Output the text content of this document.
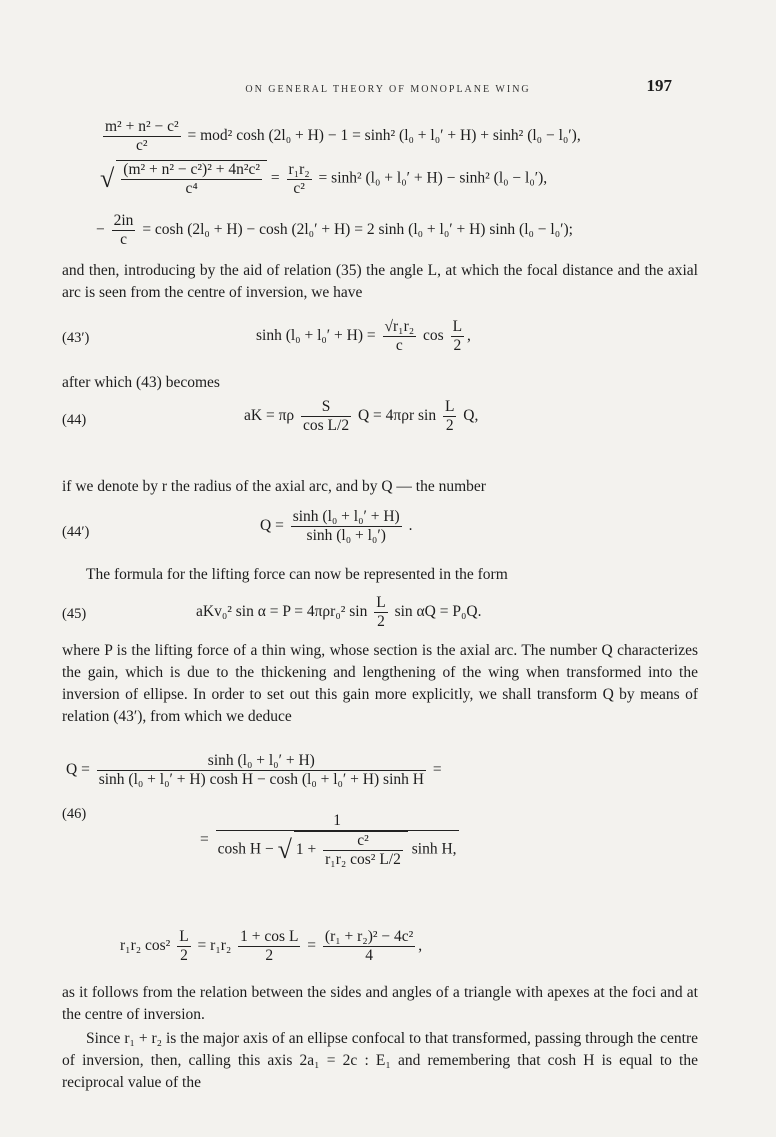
ON GENERAL THEORY OF MONOPLANE WING	197
$\frac{\text{m² + n² − c²}}{\text{c²}} = mod^2$ cosh (2l₀ + H) − 1 = sinh² (l₀ + l₀′ + H) + sinh² (l₀ − l₀′),
√ $\frac{\text{(m² + n² − c²)² + 4n²c²}}{\text{c⁴}} = \frac{\text{r₁r₂}}{\text{c²}} = \sinh^2$ (l₀ + l₀′ + H) − sinh² (l₀ − l₀′),
− $\frac{2in}{c} = \cosh (2l_0 + H) - \cosh (2l_0' + H) = 2$ sinh (l₀ + l₀′ + H) sinh (l₀ − l₀′);
and then, introducing by the aid of relation (35) the angle L, at which the focal distance and the axial arc is seen from the centre of inversion, we have
(43′)	$\sinh (l_0 + l_0' + H) = \frac{\text{√r₁r₂}}{c}$ $\cos \frac{L}{2}$ ,
after which (43) becomes
(44)	aK = πρ $\frac{S}{\text{cos L/2}}$ Q = 4πρr $\sin \frac{L}{2} Q$,
if we denote by r the radius of the axial arc, and by Q — the number
(44′)	$Q = \frac{\text{sinh (l₀ + l₀′ + H)}}{\text{sinh (l₀ + l₀′)}}$ .
The formula for the lifting force can now be represented in the form
(45)	aKv₀² sin α = P = 4πρr₀² $\sin \frac{L}{2}$ sin αQ = P₀Q.
where P is the lifting force of a thin wing, whose section is the axial arc. The number Q characterizes the gain, which is due to the thickening and lengthening of the wing when transformed into the inversion of ellipse. In order to set out this gain more explicitly, we shall transform Q by means of relation (43′), from which we deduce
$Q = \frac{\text{sinh (l₀ + l₀′ + H)}}{\text{sinh (l₀ + l₀′ + H) cosh H − cosh (l₀ + l₀′ + H) sinh H}}$ =
(46)
=
1
cosh H − √ $1 + \frac{\text{c²}}{\text{r₁r₂ cos² L/2}}$ sinh H,
r₁r₂ $\cos^2 \frac{L}{2} = r_1r_2 \frac{\text{1 + cos L}}{2} = \frac{\text{(r₁ + r₂)² − 4c²}}{4}$ ,
as it follows from the relation between the sides and angles of a triangle with apexes at the foci and at the centre of inversion.
Since r₁ + r₂ is the major axis of an ellipse confocal to that transformed, passing through the centre of inversion, then, calling this axis 2a₁ = 2c : E₁ and remembering that cosh H is equal to the reciprocal value of the
